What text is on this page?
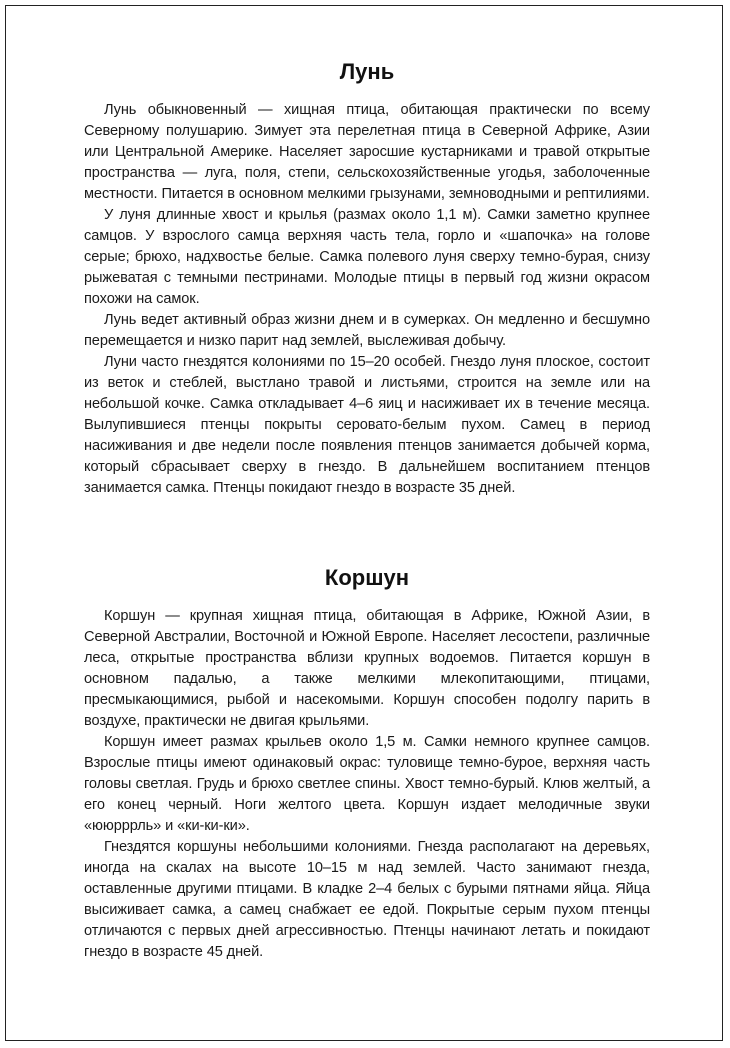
Лунь

Лунь обыкновенный — хищная птица, обитающая практически по всему Северному полушарию. Зимует эта перелетная птица в Северной Африке, Азии или Центральной Америке. Населяет заросшие кустарниками и травой открытые пространства — луга, поля, степи, сельскохозяйственные угодья, заболоченные местности. Питается в основном мелкими грызунами, земноводными и рептилиями.

У луня длинные хвост и крылья (размах около 1,1 м). Самки заметно крупнее самцов. У взрослого самца верхняя часть тела, горло и «шапочка» на голове серые; брюхо, надхвостье белые. Самка полевого луня сверху темно-бурая, снизу рыжеватая с темными пестринами. Молодые птицы в первый год жизни окрасом похожи на самок.

Лунь ведет активный образ жизни днем и в сумерках. Он медленно и бесшумно перемещается и низко парит над землей, выслеживая добычу.

Луни часто гнездятся колониями по 15–20 особей. Гнездо луня плоское, состоит из веток и стеблей, выстлано травой и листьями, строится на земле или на небольшой кочке. Самка откладывает 4–6 яиц и насиживает их в течение месяца. Вылупившиеся птенцы покрыты серовато-белым пухом. Самец в период насиживания и две недели после появления птенцов занимается добычей корма, который сбрасывает сверху в гнездо. В дальнейшем воспитанием птенцов занимается самка. Птенцы покидают гнездо в возрасте 35 дней.

Коршун

Коршун — крупная хищная птица, обитающая в Африке, Южной Азии, в Северной Австралии, Восточной и Южной Европе. Населяет лесостепи, различные леса, открытые пространства вблизи крупных водоемов. Питается коршун в основном падалью, а также мелкими млекопитающими, птицами, пресмыкающимися, рыбой и насекомыми. Коршун способен подолгу парить в воздухе, практически не двигая крыльями.

Коршун имеет размах крыльев около 1,5 м. Самки немного крупнее самцов. Взрослые птицы имеют одинаковый окрас: туловище темно-бурое, верхняя часть головы светлая. Грудь и брюхо светлее спины. Хвост темно-бурый. Клюв желтый, а его конец черный. Ноги желтого цвета. Коршун издает мелодичные звуки «ююрррль» и «ки-ки-ки».

Гнездятся коршуны небольшими колониями. Гнезда располагают на деревьях, иногда на скалах на высоте 10–15 м над землей. Часто занимают гнезда, оставленные другими птицами. В кладке 2–4 белых с бурыми пятнами яйца. Яйца высиживает самка, а самец снабжает ее едой. Покрытые серым пухом птенцы отличаются с первых дней агрессивностью. Птенцы начинают летать и покидают гнездо в возрасте 45 дней.
